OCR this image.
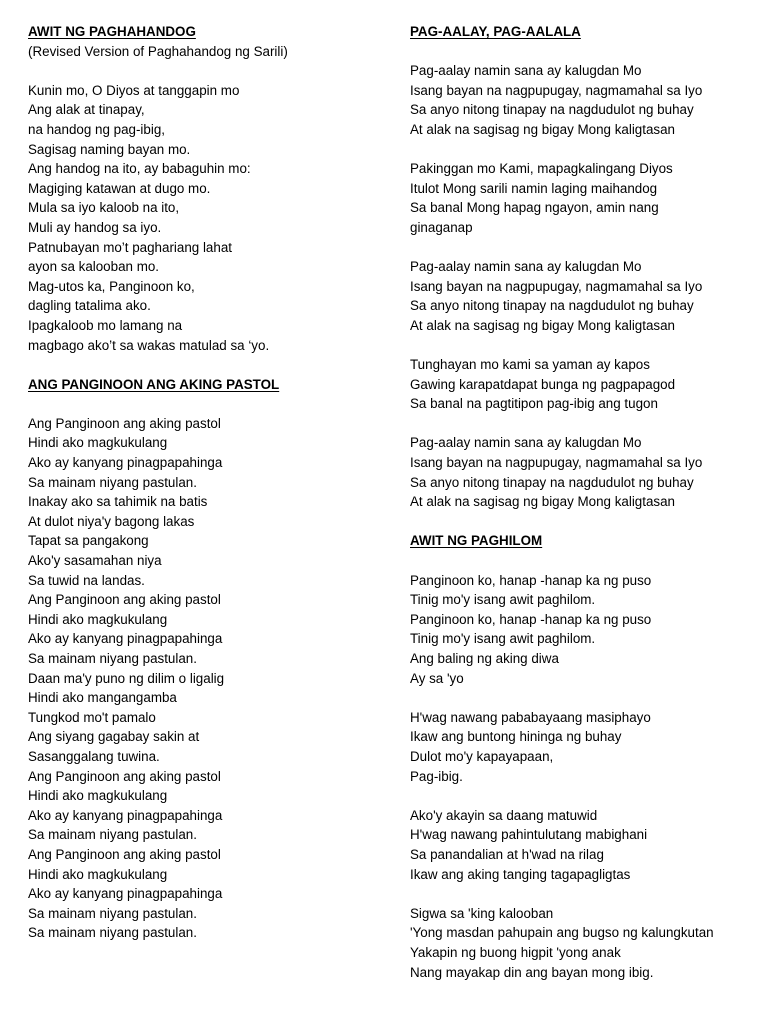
AWIT NG PAGHAHANDOG
(Revised Version of Paghahandog ng Sarili)
Kunin mo, O Diyos at tanggapin mo
Ang alak at tinapay,
na handog ng pag-ibig,
Sagisag naming bayan mo.
Ang handog na ito, ay babaguhin mo:
Magiging katawan at dugo mo.
Mula sa iyo kaloob na ito,
Muli ay handog sa iyo.
Patnubayan mo’t paghariang lahat
ayon sa kalooban mo.
Mag-utos ka, Panginoon ko,
dagling tatalima ako.
Ipagkaloob mo lamang na
magbago ako’t sa wakas matulad sa ‘yo.
ANG PANGINOON ANG AKING PASTOL
Ang Panginoon ang aking pastol
Hindi ako magkukulang
Ako ay kanyang pinagpapahinga
Sa mainam niyang pastulan.
Inakay ako sa tahimik na batis
At dulot niya'y bagong lakas
Tapat sa pangakong
Ako'y sasamahan niya
Sa tuwid na landas.
Ang Panginoon ang aking pastol
Hindi ako magkukulang
Ako ay kanyang pinagpapahinga
Sa mainam niyang pastulan.
Daan ma'y puno ng dilim o ligalig
Hindi ako mangangamba
Tungkod mo't pamalo
Ang siyang gagabay sakin at
Sasanggalang tuwina.
Ang Panginoon ang aking pastol
Hindi ako magkukulang
Ako ay kanyang pinagpapahinga
Sa mainam niyang pastulan.
Ang Panginoon ang aking pastol
Hindi ako magkukulang
Ako ay kanyang pinagpapahinga
Sa mainam niyang pastulan.
Sa mainam niyang pastulan.
PAG-AALAY, PAG-AALALA
Pag-aalay namin sana ay kalugdan Mo
Isang bayan na nagpupugay, nagmamahal sa Iyo
Sa anyo nitong tinapay na nagdudulot ng buhay
At alak na sagisag ng bigay Mong kaligtasan
Pakinggan mo Kami, mapagkalingang Diyos
Itulot Mong sarili namin laging maihandog
Sa banal Mong hapag ngayon, amin nang
ginaganap
Pag-aalay namin sana ay kalugdan Mo
Isang bayan na nagpupugay, nagmamahal sa Iyo
Sa anyo nitong tinapay na nagdudulot ng buhay
At alak na sagisag ng bigay Mong kaligtasan
Tunghayan mo kami sa yaman ay kapos
Gawing karapatdapat bunga ng pagpapagod
Sa banal na pagtitipon pag-ibig ang tugon
Pag-aalay namin sana ay kalugdan Mo
Isang bayan na nagpupugay, nagmamahal sa Iyo
Sa anyo nitong tinapay na nagdudulot ng buhay
At alak na sagisag ng bigay Mong kaligtasan
AWIT NG PAGHILOM
Panginoon ko, hanap -hanap ka ng puso
Tinig mo'y isang awit paghilom.
Panginoon ko, hanap -hanap ka ng puso
Tinig mo'y isang awit paghilom.
Ang baling ng aking diwa
Ay sa 'yo
H'wag nawang pababayaang masiphayo
Ikaw ang buntong hininga ng buhay
Dulot mo'y kapayapaan,
Pag-ibig.
Ako'y akayin sa daang matuwid
H'wag nawang pahintulutang mabighani
Sa panandalian at h'wad na rilag
Ikaw ang aking tanging tagapagligtas
Sigwa sa 'king kalooban
'Yong masdan pahupain ang bugso ng kalungkutan
Yakapin ng buong higpit 'yong anak
Nang mayakap din ang bayan mong ibig.
